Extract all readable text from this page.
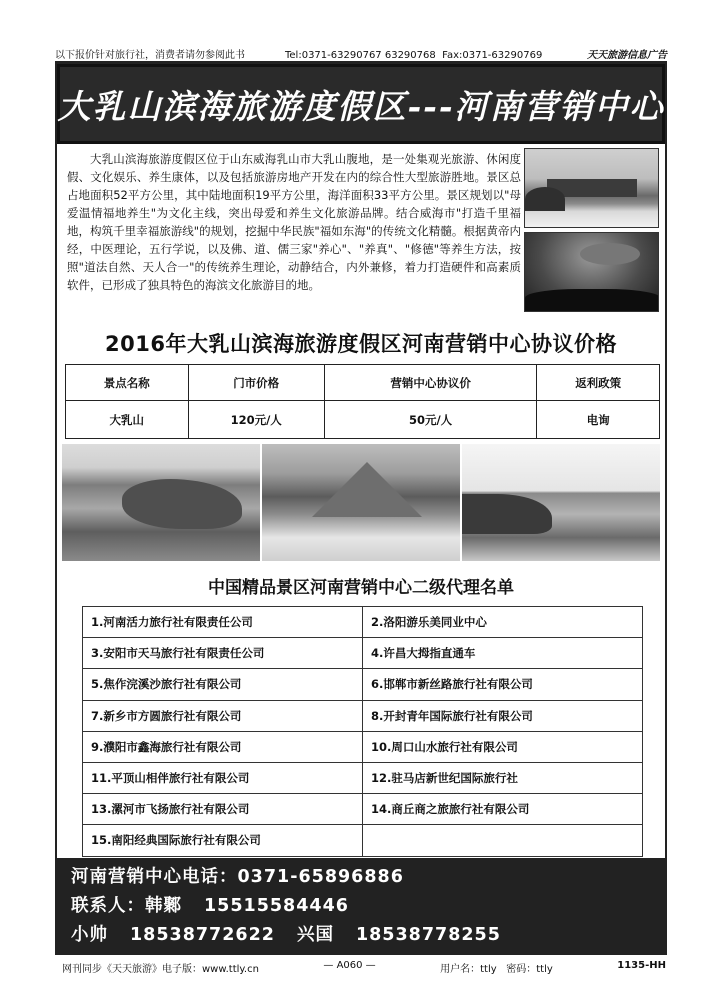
以下报价针对旅行社，消费者请勿参阅此书	Tel:0371-63290767 63290768 Fax:0371-63290769	天天旅游信息广告
大乳山滨海旅游度假区---河南营销中心

大乳山滨海旅游度假区位于山东威海乳山市大乳山腹地，是一处集观光旅游、休闲度假、文化娱乐、养生康体，以及包括旅游房地产开发在内的综合性大型旅游胜地。景区总占地面积52平方公里，其中陆地面积19平方公里，海洋面积33平方公里。景区规划以"母爱温情福地养生"为文化主线，突出母爱和养生文化旅游品牌。结合威海市"打造千里福地，构筑千里幸福旅游线"的规划，挖掘中华民族"福如东海"的传统文化精髓。根据黄帝内经，中医理论，五行学说，以及佛、道、儒三家"养心"、"养真"、"修德"等养生方法，按照"道法自然、天人合一"的传统养生理论，动静结合，内外兼修，着力打造硬件和高素质软件，已形成了独具特色的海滨文化旅游目的地。

2016年大乳山滨海旅游度假区河南营销中心协议价格
景点名称	门市价格	营销中心协议价	返利政策
大乳山	120元/人	50元/人	电询
中国精品景区河南营销中心二级代理名单
1.河南活力旅行社有限责任公司	2.洛阳游乐美同业中心
3.安阳市天马旅行社有限责任公司	4.许昌大拇指直通车
5.焦作浣溪沙旅行社有限公司	6.邯郸市新丝路旅行社有限公司
7.新乡市方圆旅行社有限公司	8.开封青年国际旅行社有限公司
9.濮阳市鑫海旅行社有限公司	10.周口山水旅行社有限公司
11.平顶山相伴旅行社有限公司	12.驻马店新世纪国际旅行社
13.漯河市飞扬旅行社有限公司	14.商丘商之旅旅行社有限公司
15.南阳经典国际旅行社有限公司	
河南营销中心电话：0371-65896886
联系人：韩鄹 15515584446
小帅 18538772622 兴国 18538778255
网刊同步《天天旅游》电子版：www.ttly.cn	— A060 —	用户名：ttly 密码：ttly	1135-HH
